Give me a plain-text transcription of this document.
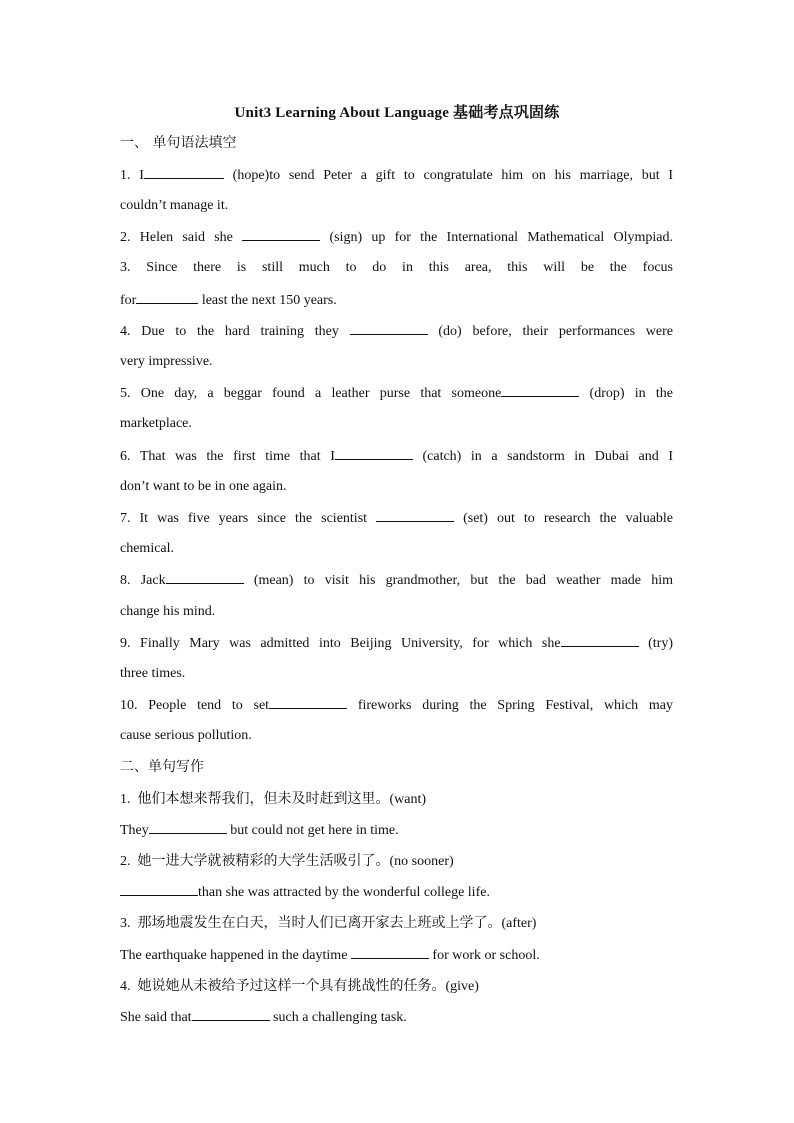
Unit3 Learning About Language 基础考点巩固练
一、 单句语法填空
1. I	(hope)to send Peter a gift to congratulate him on his marriage, but I
couldn’t manage it.
2. Helen said she	(sign) up for the International Mathematical Olympiad.
3. Since there is still much to do in this area, this will be the focus
for	least the next 150 years.
4. Due to the hard training they	(do) before, their performances were
very impressive.
5. One day, a beggar found a leather purse that someone	(drop) in the
marketplace.
6. That was the first time that I	(catch) in a sandstorm in Dubai and I
don’t want to be in one again.
7. It was five years since the scientist	(set) out to research the valuable
chemical.
8. Jack	(mean) to visit his grandmother, but the bad weather made him
change his mind.
9. Finally Mary was admitted into Beijing University, for which she	(try)
three times.
10. People tend to set	fireworks during the Spring Festival, which may
cause serious pollution.
二、单句写作
1. 他们本想来帮我们，但未及时赶到这里。(want)
They	but could not get here in time.
2. 她一进大学就被精彩的大学生活吸引了。(no sooner)
than she was attracted by the wonderful college life.
3. 那场地震发生在白天，当时人们已离开家去上班或上学了。(after)
The earthquake happened in the daytime	for work or school.
4. 她说她从未被给予过这样一个具有挑战性的任务。(give)
She said that	such a challenging task.
